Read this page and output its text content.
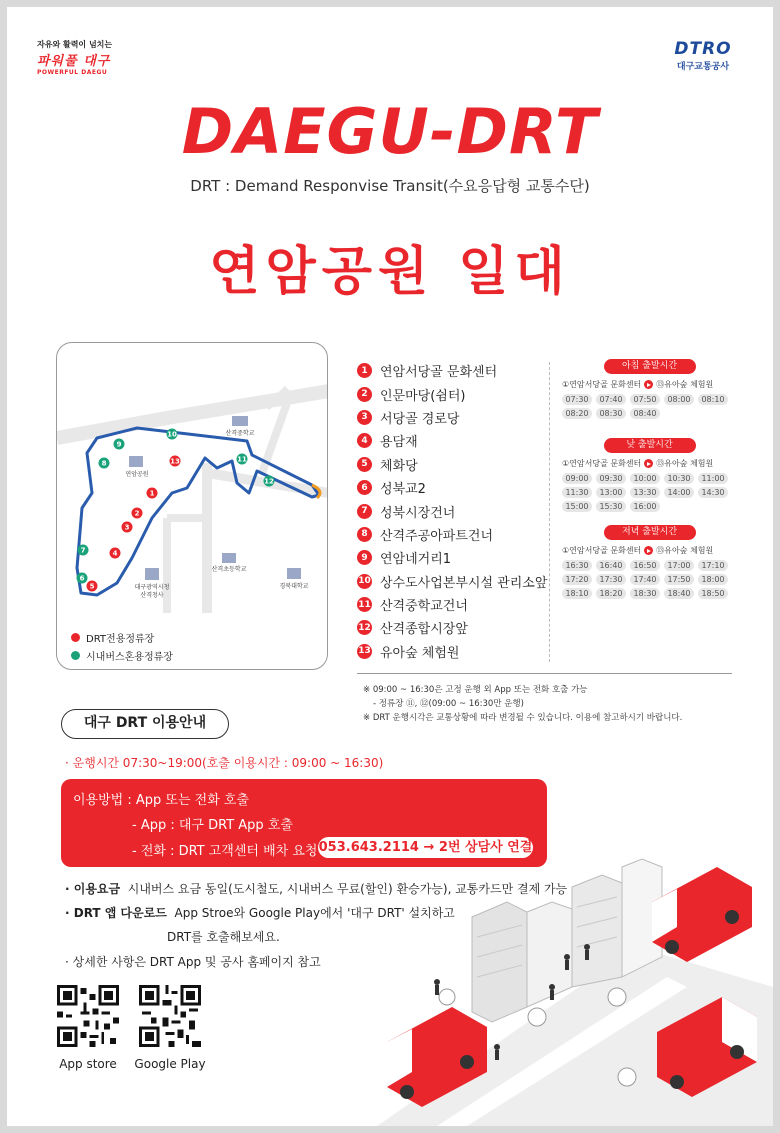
자유와 활력이 넘치는
파워풀 대구
POWERFUL DAEGU
DTRO
대구교통공사
DAEGU-DRT
DRT : Demand Responvise Transit(수요응답형 교통수단)
연암공원 일대
1
2
3
4
5
13
6
7
8
9
10
11
12
산격중학교
연암공원
산격초등학교
대구광역시청
산격청사
경북대학교
DRT전용정류장
시내버스혼용정류장
1 연암서당골 문화센터
2 인문마당(쉼터)
3 서당골 경로당
4 용담재
5 체화당
6 성북교2
7 성북시장건너
8 산격주공아파트건너
9 연암네거리1
10 상수도사업본부시설 관리소앞
11 산격중학교건너
12 산격종합시장앞
13 유아숲 체험원
아침 출발시간
①연암서당골 문화센터 ⑬유아숲 체험원
07:30	07:40	07:50	08:00	08:10
08:20	08:30	08:40
낮 출발시간
①연암서당골 문화센터 ⑬유아숲 체험원
09:00	09:30	10:00	10:30	11:00
11:30	13:00	13:30	14:00	14:30
15:00	15:30	16:00
저녁 출발시간
①연암서당골 문화센터 ⑬유아숲 체험원
16:30	16:40	16:50	17:00	17:10
17:20	17:30	17:40	17:50	18:00
18:10	18:20	18:30	18:40	18:50
※ 09:00 ~ 16:30은 고정 운행 외 App 또는 전화 호출 가능
- 정류장 ⑪, ⑫(09:00 ~ 16:30만 운행)
※ DRT 운행시각은 교통상황에 따라 변경될 수 있습니다. 이용에 참고하시기 바랍니다.
대구 DRT 이용안내
· 운행시간 07:30~19:00(호출 이용시간 : 09:00 ~ 16:30)
이용방법 : App 또는 전화 호출
- App : 대구 DRT App 호출
- 전화 : DRT 고객센터 배차 요청 053.643.2114 → 2번 상담사 연결
· 이용요금 시내버스 요금 동일(도시철도, 시내버스 무료(할인) 환승가능), 교통카드만 결제 가능
· DRT 앱 다운로드 App Stroe와 Google Play에서 '대구 DRT' 설치하고
DRT를 호출해보세요.
· 상세한 사항은 DRT App 및 공사 홈페이지 참고
App store	Google Play
